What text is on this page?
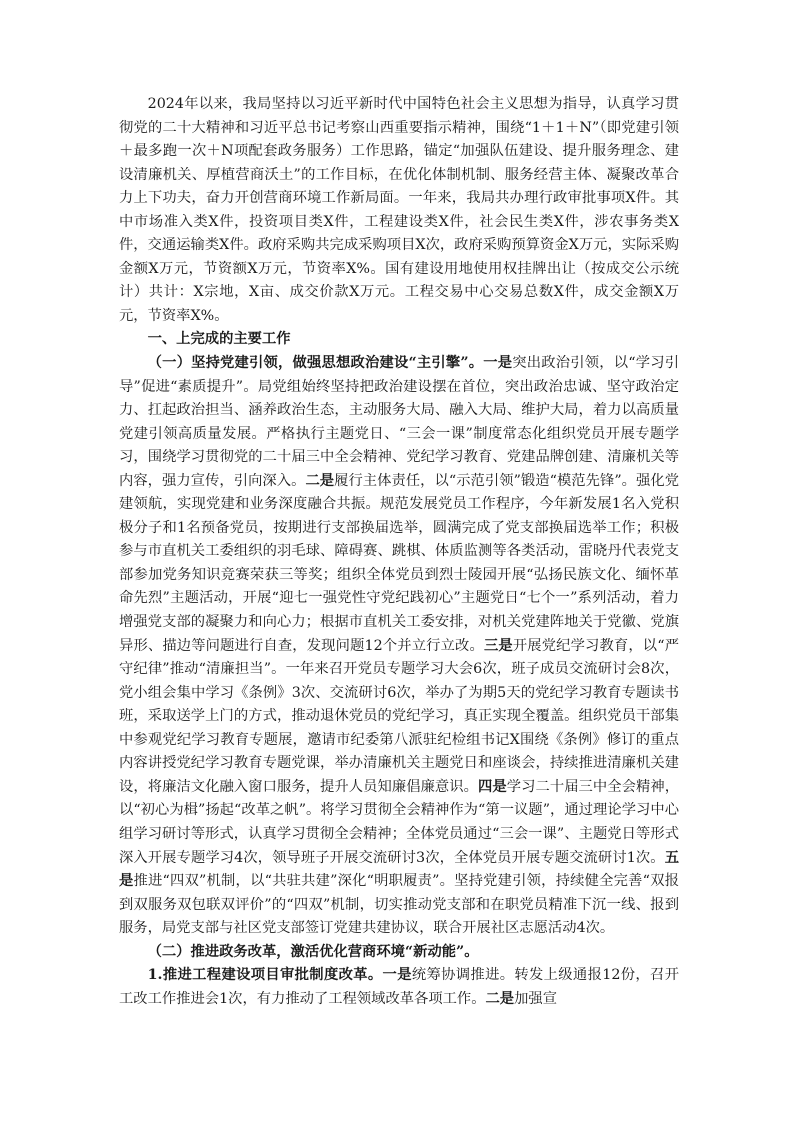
2024年以来，我局坚持以习近平新时代中国特色社会主义思想为指导，认真学习贯彻党的二十大精神和习近平总书记考察山西重要指示精神，围绕“1＋1＋N”（即党建引领＋最多跑一次＋N项配套政务服务）工作思路，锚定“加强队伍建设、提升服务理念、建设清廉机关、厚植营商沃土”的工作目标，在优化体制机制、服务经营主体、凝聚改革合力上下功夫，奋力开创营商环境工作新局面。一年来，我局共办理行政审批事项X件。其中市场准入类X件，投资项目类X件，工程建设类X件，社会民生类X件，涉农事务类X件，交通运输类X件。政府采购共完成采购项目X次，政府采购预算资金X万元，实际采购金额X万元，节资额X万元，节资率X%。国有建设用地使用权挂牌出让（按成交公示统计）共计：X宗地，X亩、成交价款X万元。工程交易中心交易总数X件，成交金额X万元，节资率X%。

一、上完成的主要工作

（一）坚持党建引领，做强思想政治建设“主引擎”。一是突出政治引领，以“学习引导”促进“素质提升”。局党组始终坚持把政治建设摆在首位，突出政治忠诚、坚守政治定力、扛起政治担当、涵养政治生态，主动服务大局、融入大局、维护大局，着力以高质量党建引领高质量发展。严格执行主题党日、“三会一课”制度常态化组织党员开展专题学习，围绕学习贯彻党的二十届三中全会精神、党纪学习教育、党建品牌创建、清廉机关等内容，强力宣传，引向深入。二是履行主体责任，以“示范引领”锻造“模范先锋”。强化党建领航，实现党建和业务深度融合共振。规范发展党员工作程序，今年新发展1名入党积极分子和1名预备党员，按期进行支部换届选举，圆满完成了党支部换届选举工作；积极参与市直机关工委组织的羽毛球、障碍赛、跳棋、体质监测等各类活动，雷晓丹代表党支部参加党务知识竞赛荣获三等奖；组织全体党员到烈士陵园开展“弘扬民族文化、缅怀革命先烈”主题活动，开展“迎七一强党性守党纪践初心”主题党日“七个一”系列活动，着力增强党支部的凝聚力和向心力；根据市直机关工委安排，对机关党建阵地关于党徽、党旗异形、描边等问题进行自查，发现问题12个并立行立改。三是开展党纪学习教育，以“严守纪律”推动“清廉担当”。一年来召开党员专题学习大会6次，班子成员交流研讨会8次，党小组会集中学习《条例》3次、交流研讨6次，举办了为期5天的党纪学习教育专题读书班，采取送学上门的方式，推动退休党员的党纪学习，真正实现全覆盖。组织党员干部集中参观党纪学习教育专题展，邀请市纪委第八派驻纪检组书记X围绕《条例》修订的重点内容讲授党纪学习教育专题党课，举办清廉机关主题党日和座谈会，持续推进清廉机关建设，将廉洁文化融入窗口服务，提升人员知廉倡廉意识。四是学习二十届三中全会精神，以“初心为楫”扬起“改革之帆”。将学习贯彻全会精神作为“第一议题”，通过理论学习中心组学习研讨等形式，认真学习贯彻全会精神；全体党员通过“三会一课”、主题党日等形式深入开展专题学习4次，领导班子开展交流研讨3次，全体党员开展专题交流研讨1次。五是推进“四双”机制，以“共驻共建”深化“明职履责”。坚持党建引领，持续健全完善“双报到双服务双包联双评价”的“四双”机制，切实推动党支部和在职党员精准下沉一线、报到服务，局党支部与社区党支部签订党建共建协议，联合开展社区志愿活动4次。

（二）推进政务改革，激活优化营商环境“新动能”。

1.推进工程建设项目审批制度改革。一是统筹协调推进。转发上级通报12份，召开工改工作推进会1次，有力推动了工程领域改革各项工作。二是加强宣
